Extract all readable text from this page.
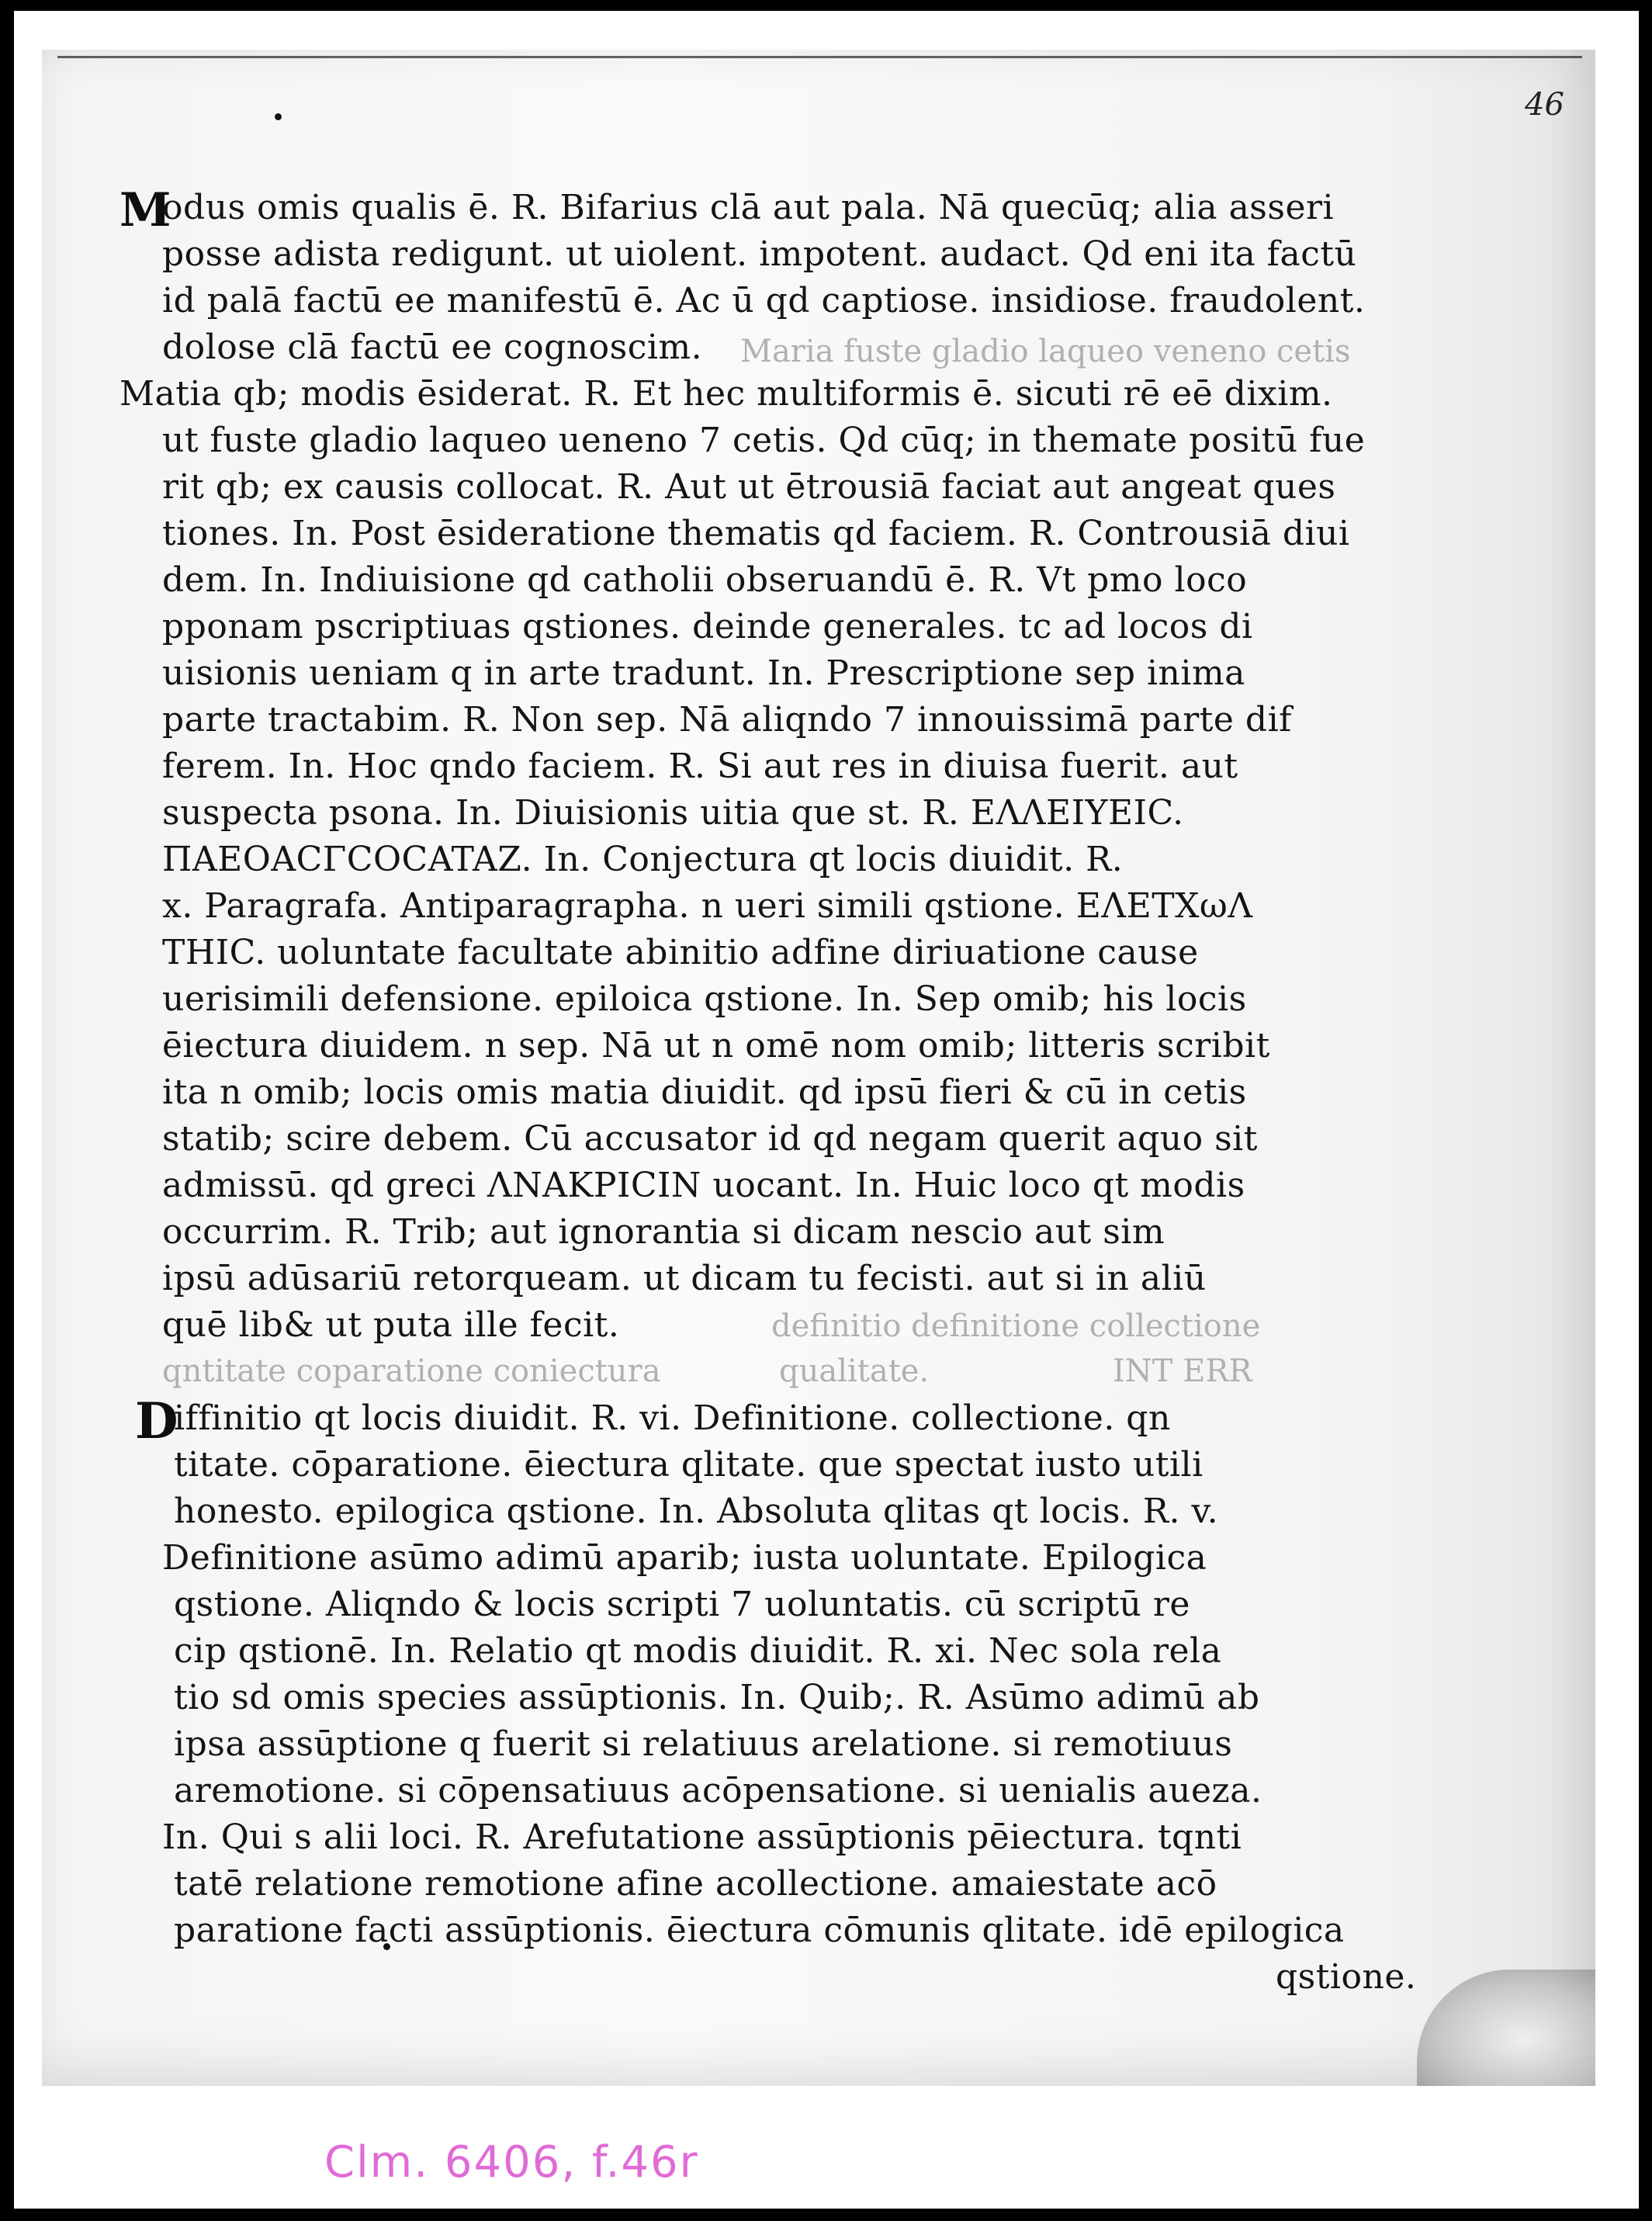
46
M
odus omis qualis ē. R. Bifarius clā aut pala. Nā quecūq; alia asseri
posse adista redigunt. ut uiolent. impotent. audact. Qd eni ita factū
id palā factū ee manifestū ē. Ac ū qd captiose. insidiose. fraudolent.
dolose clā factū ee cognoscim. Maria fuste gladio laqueo veneno cetis
Matia qb; modis ēsiderat. R. Et hec multiformis ē. sicuti rē eē dixim.
ut fuste gladio laqueo ueneno 7 cetis. Qd cūq; in themate positū fue
rit qb; ex causis collocat. R. Aut ut ētrousiā faciat aut angeat ques
tiones. In. Post ēsideratione thematis qd faciem. R. Controusiā diui
dem. In. Indiuisione qd catholii obseruandū ē. R. Vt pmo loco
pponam pscriptiuas qstiones. deinde generales. tc ad locos di
uisionis ueniam q in arte tradunt. In. Prescriptione sep inima
parte tractabim. R. Non sep. Nā aliqndo 7 innouissimā parte dif
ferem. In. Hoc qndo faciem. R. Si aut res in diuisa fuerit. aut
suspecta psona. In. Diuisionis uitia que st. R. EΛΛEIYEIC.
ΠAEOACΓCOCATAZ. In. Conjectura qt locis diuidit. R.
x. Paragrafa. Antiparagrapha. n ueri simili qstione. EΛETXωΛ
THIC. uoluntate facultate abinitio adfine diriuatione cause
uerisimili defensione. epiloica qstione. In. Sep omib; his locis
ēiectura diuidem. n sep. Nā ut n omē nom omib; litteris scribit
ita n omib; locis omis matia diuidit. qd ipsū fieri & cū in cetis
statib; scire debem. Cū accusator id qd negam querit aquo sit
admissū. qd greci ΛNAKPICIN uocant. In. Huic loco qt modis
occurrim. R. Trib; aut ignorantia si dicam nescio aut sim
ipsū adūsariū retorqueam. ut dicam tu fecisti. aut si in aliū
quē lib& ut puta ille fecit.	definitio definitione collectione
qntitate coparatione coniectura	qualitate.	INT ERR
D
iffinitio qt locis diuidit. R. vi. Definitione. collectione. qn
titate. cōparatione. ēiectura qlitate. que spectat iusto utili
honesto. epilogica qstione. In. Absoluta qlitas qt locis. R. v.
Definitione asūmo adimū aparib; iusta uoluntate. Epilogica
qstione. Aliqndo & locis scripti 7 uoluntatis. cū scriptū re
cip qstionē. In. Relatio qt modis diuidit. R. xi. Nec sola rela
tio sd omis species assūptionis. In. Quib;. R. Asūmo adimū ab
ipsa assūptione q fuerit si relatiuus arelatione. si remotiuus
aremotione. si cōpensatiuus acōpensatione. si uenialis aueza.
In. Qui s alii loci. R. Arefutatione assūptionis pēiectura. tqnti
tatē relatione remotione afine acollectione. amaiestate acō
paratione facti assūptionis. ēiectura cōmunis qlitate. idē epilogica
qstione.
Clm. 6406, f.46r
